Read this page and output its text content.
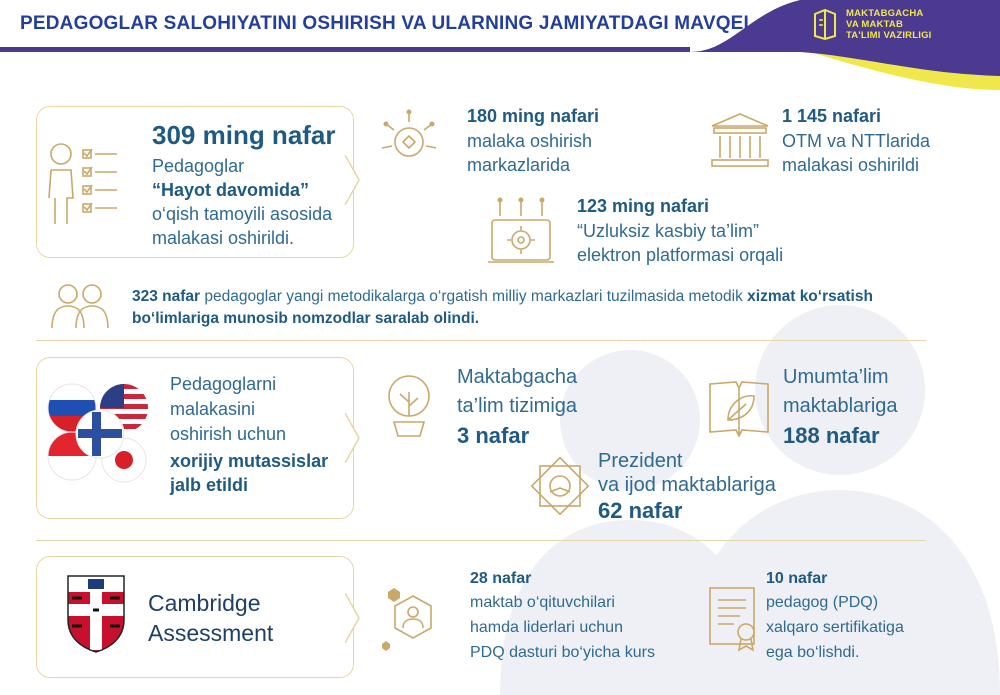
PEDAGOGLAR SALOHIYATINI OSHIRISH VA ULARNING JAMIYATDAGI MAVQEI	MAKTABGACHA
VA MAKTAB
TA'LIMI VAZIRLIGI
309 ming nafar
Pedagoglar
“Hayot davomida”
o‘qish tamoyili asosida
malakasi oshirildi.
180 ming nafari
malaka oshirish
markazlarida
1 145 nafari
OTM va NTTlarida
malakasi oshirildi
123 ming nafari
“Uzluksiz kasbiy ta’lim”
elektron platformasi orqali
323 nafar pedagoglar yangi metodikalarga o‘rgatish milliy markazlari tuzilmasida metodik xizmat ko‘rsatish bo‘limlariga munosib nomzodlar saralab olindi.
Pedagoglarni
malakasini
oshirish uchun
xorijiy mutassislar
jalb etildi
Maktabgacha
ta’lim tizimiga
3 nafar
Umumta’lim
maktablariga
188 nafar
Prezident
va ijod maktablariga
62 nafar
Cambridge
Assessment
28 nafar
maktab o‘qituvchilari
hamda liderlari uchun
PDQ dasturi bo‘yicha kurs
10 nafar
pedagog (PDQ)
xalqaro sertifikatiga
ega bo‘lishdi.
